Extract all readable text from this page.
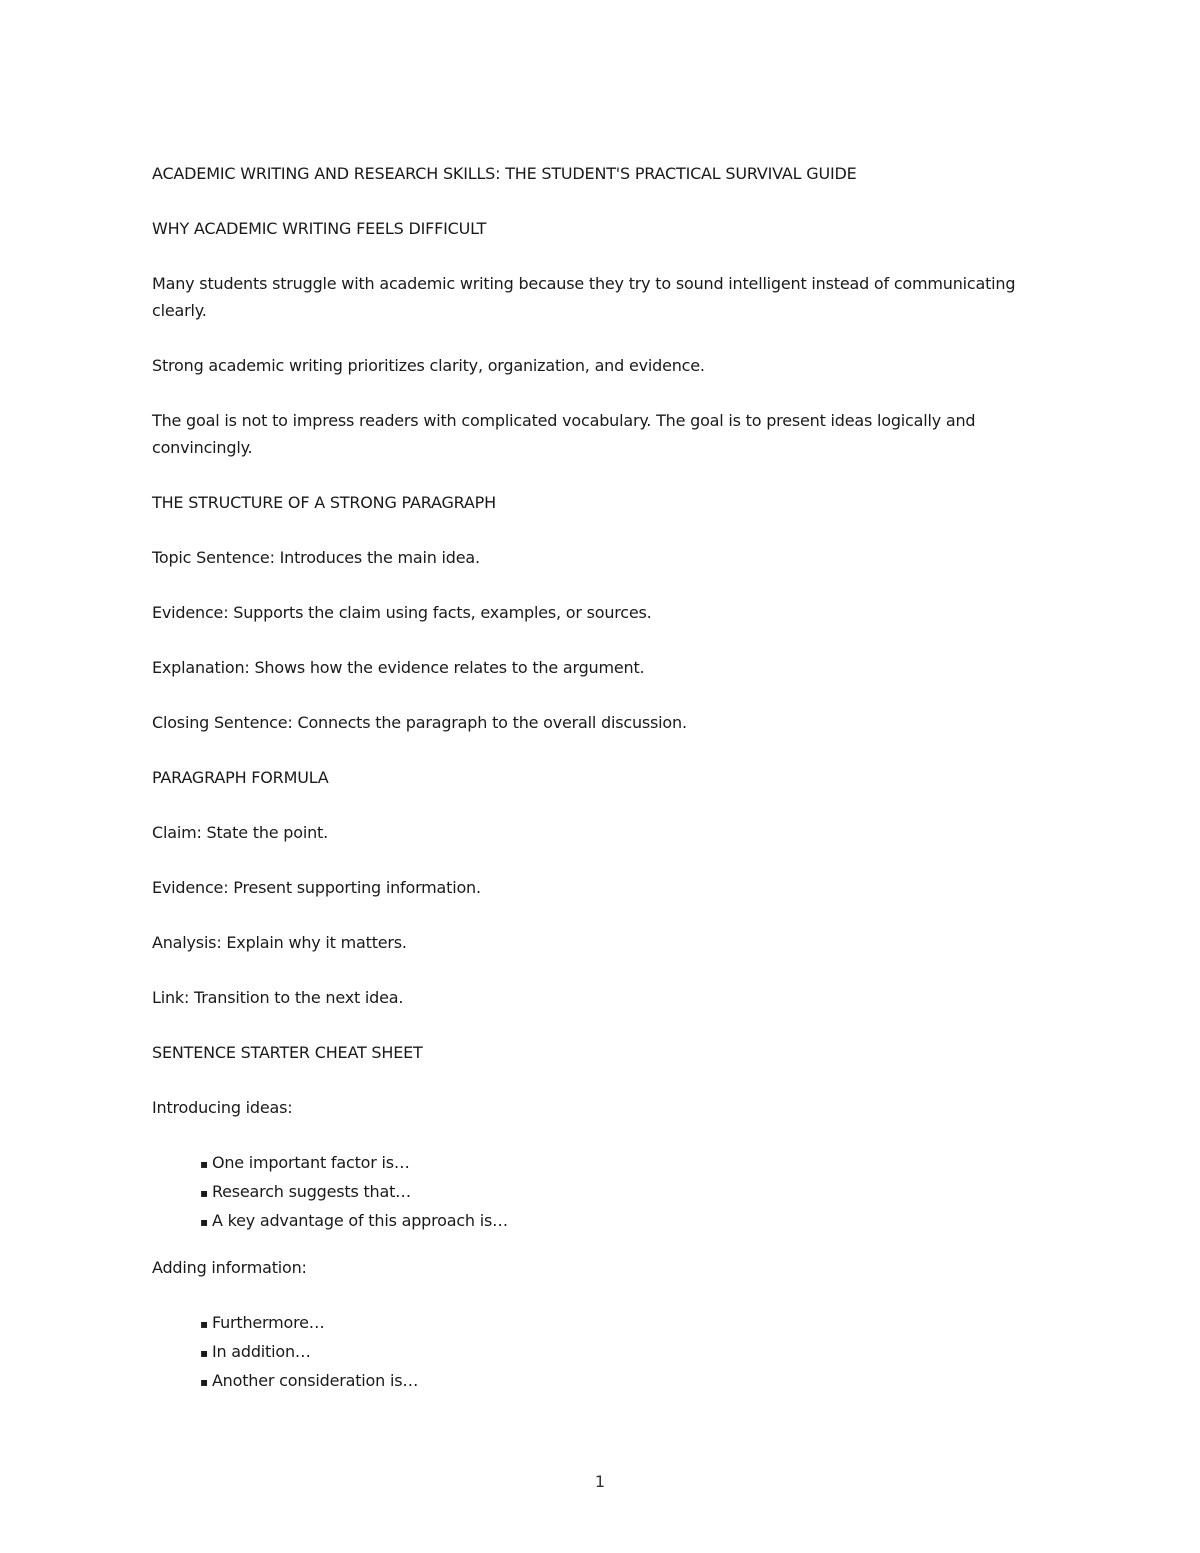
ACADEMIC WRITING AND RESEARCH SKILLS: THE STUDENT'S PRACTICAL SURVIVAL GUIDE

WHY ACADEMIC WRITING FEELS DIFFICULT

Many students struggle with academic writing because they try to sound intelligent instead of communicating clearly.

Strong academic writing prioritizes clarity, organization, and evidence.

The goal is not to impress readers with complicated vocabulary. The goal is to present ideas logically and convincingly.

THE STRUCTURE OF A STRONG PARAGRAPH

Topic Sentence: Introduces the main idea.

Evidence: Supports the claim using facts, examples, or sources.

Explanation: Shows how the evidence relates to the argument.

Closing Sentence: Connects the paragraph to the overall discussion.

PARAGRAPH FORMULA

Claim: State the point.

Evidence: Present supporting information.

Analysis: Explain why it matters.

Link: Transition to the next idea.

SENTENCE STARTER CHEAT SHEET

Introducing ideas:

▪ One important factor is…
▪ Research suggests that…
▪ A key advantage of this approach is…

Adding information:

▪ Furthermore…
▪ In addition…
▪ Another consideration is…
1
